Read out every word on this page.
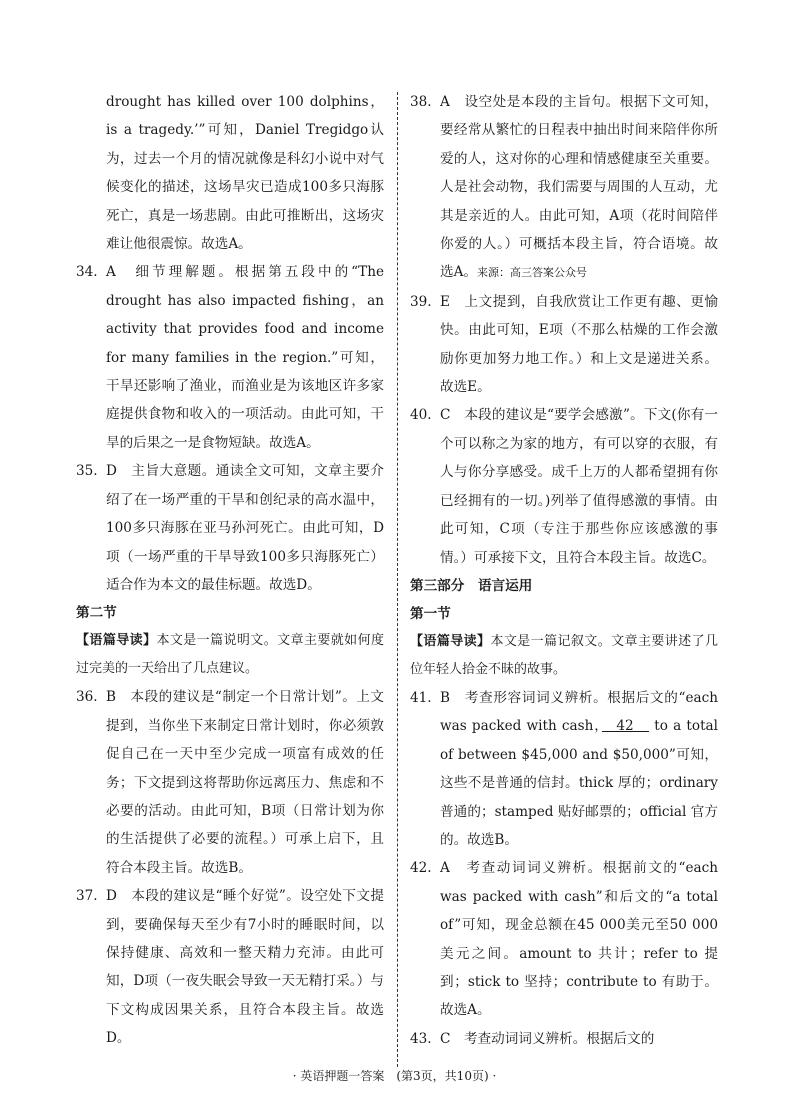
drought has killed over 100 dolphins，is a tragedy.’”可知，Daniel Tregidgo认为，过去一个月的情况就像是科幻小说中对气候变化的描述，这场旱灾已造成100多只海豚死亡，真是一场悲剧。由此可推断出，这场灾难让他很震惊。故选A。
34. A　细节理解题。根据第五段中的“The drought has also impacted fishing，an activity that provides food and income for many families in the region.”可知，干旱还影响了渔业，而渔业是为该地区许多家庭提供食物和收入的一项活动。由此可知，干旱的后果之一是食物短缺。故选A。
35. D　主旨大意题。通读全文可知，文章主要介绍了在一场严重的干旱和创纪录的高水温中，100多只海豚在亚马孙河死亡。由此可知，D项（一场严重的干旱导致100多只海豚死亡）适合作为本文的最佳标题。故选D。
第二节
【语篇导读】本文是一篇说明文。文章主要就如何度过完美的一天给出了几点建议。
36. B　本段的建议是“制定一个日常计划”。上文提到，当你坐下来制定日常计划时，你必须敦促自己在一天中至少完成一项富有成效的任务；下文提到这将帮助你远离压力、焦虑和不必要的活动。由此可知，B项（日常计划为你的生活提供了必要的流程。）可承上启下，且符合本段主旨。故选B。
37. D　本段的建议是“睡个好觉”。设空处下文提到，要确保每天至少有7小时的睡眠时间，以保持健康、高效和一整天精力充沛。由此可知，D项（一夜失眠会导致一天无精打采。）与下文构成因果关系，且符合本段主旨。故选D。
38. A　设空处是本段的主旨句。根据下文可知，要经常从繁忙的日程表中抽出时间来陪伴你所爱的人，这对你的心理和情感健康至关重要。人是社会动物，我们需要与周围的人互动，尤其是亲近的人。由此可知，A项（花时间陪伴你爱的人。）可概括本段主旨，符合语境。故选A。来源：高三答案公众号
39. E　上文提到，自我欣赏让工作更有趣、更愉快。由此可知，E项（不那么枯燥的工作会激励你更加努力地工作。）和上文是递进关系。故选E。
40. C　本段的建议是“要学会感激”。下文(你有一个可以称之为家的地方，有可以穿的衣服，有人与你分享感受。成千上万的人都希望拥有你已经拥有的一切。)列举了值得感激的事情。由此可知，C项（专注于那些你应该感激的事情。）可承接下文，且符合本段主旨。故选C。
第三部分　语言运用
第一节
【语篇导读】本文是一篇记叙文。文章主要讲述了几位年轻人拾金不昧的故事。
41. B　考查形容词词义辨析。根据后文的“each was packed with cash，　42　 to a total of between $45,000 and $50,000”可知，这些不是普通的信封。thick 厚的；ordinary 普通的；stamped 贴好邮票的；official 官方的。故选B。
42. A　考查动词词义辨析。根据前文的“each was packed with cash”和后文的“a total of”可知，现金总额在45 000美元至50 000美元之间。amount to 共计；refer to 提到；stick to 坚持；contribute to 有助于。故选A。
43. C　考查动词词义辨析。根据后文的
· 英语押题一答案　(第3页，共10页) ·
